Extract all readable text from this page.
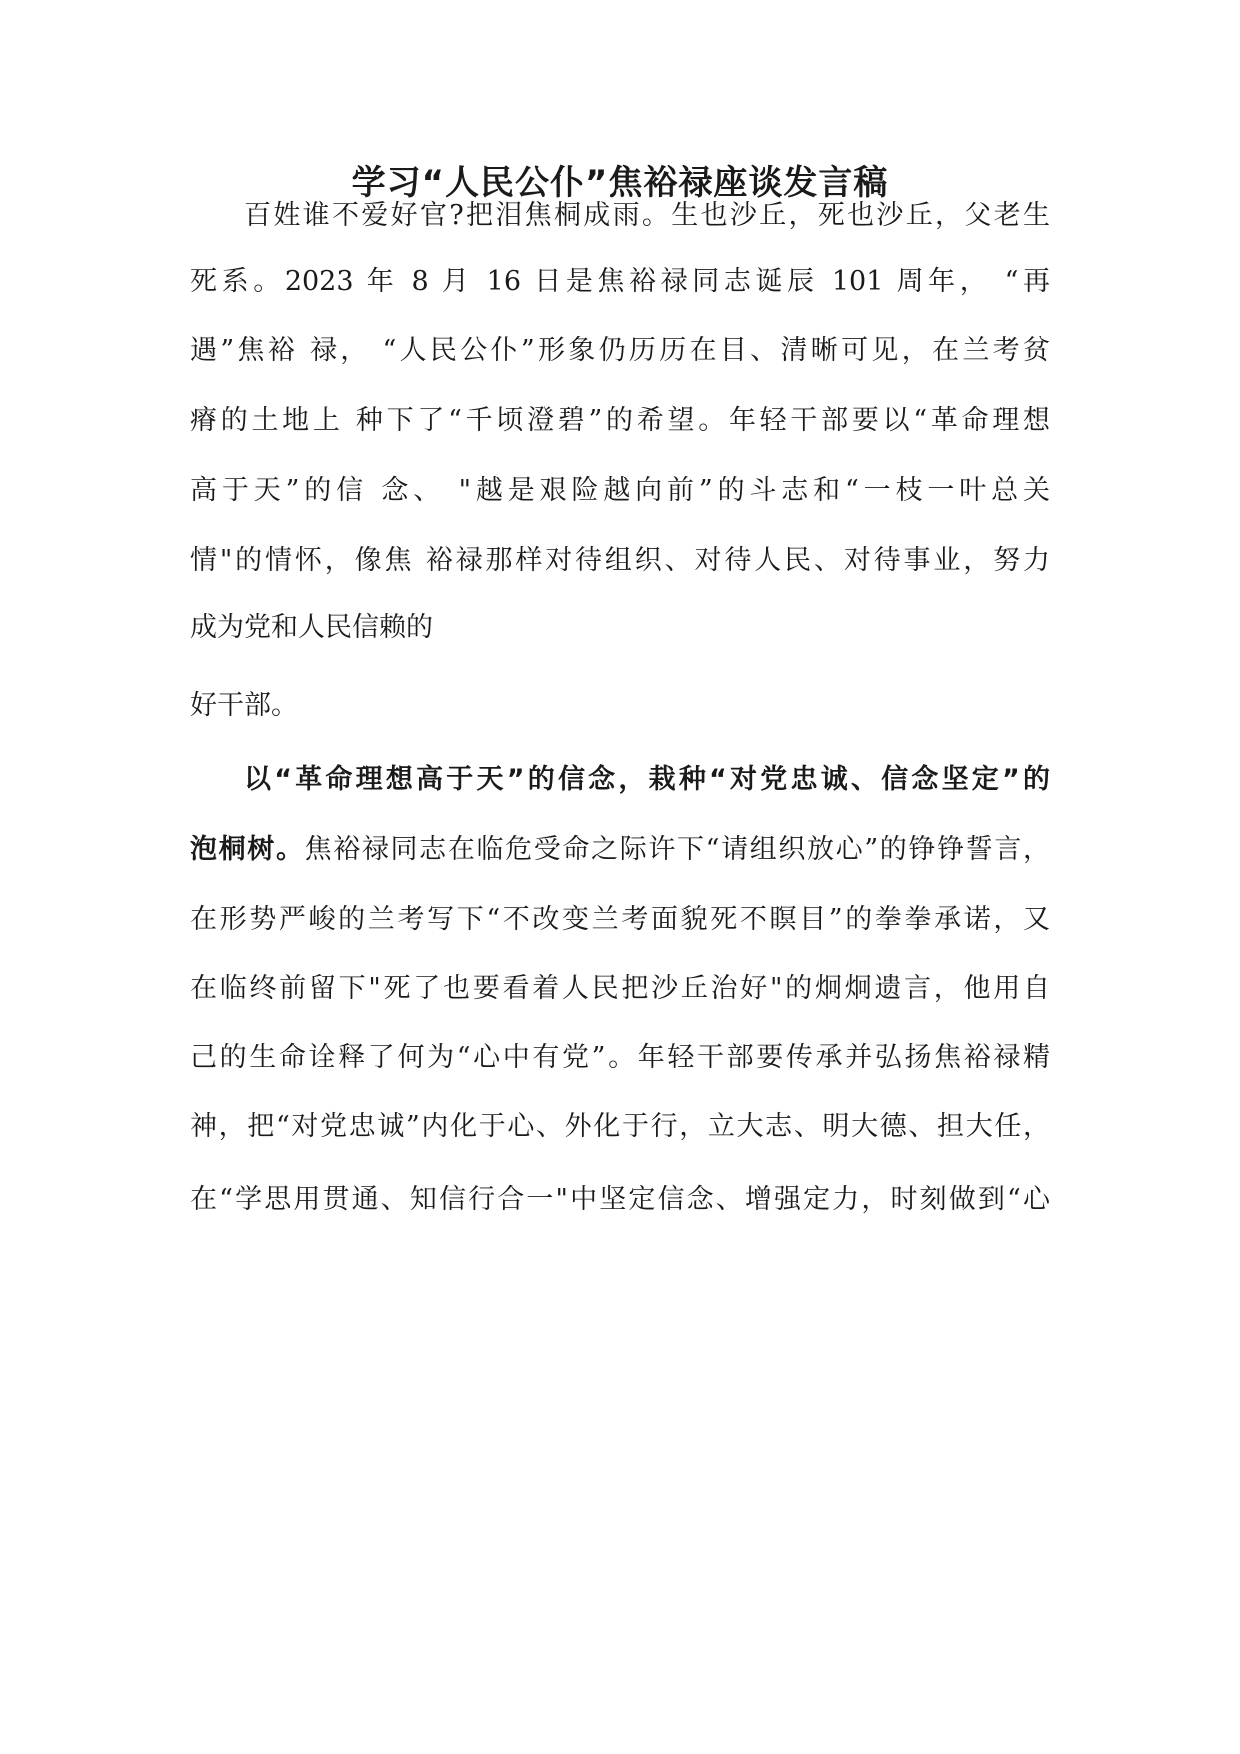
学习“人民公仆”焦裕禄座谈发言稿

百姓谁不爱好官?把泪焦桐成雨。生也沙丘，死也沙丘，父老生

死系。2023 年 8 月 16 日是焦裕禄同志诞辰 101 周年， “再

遇”焦裕 禄， “人民公仆”形象仍历历在目、清晰可见，在兰考贫

瘠的土地上 种下了“千顷澄碧”的希望。年轻干部要以“革命理想

高于天”的信 念、 "越是艰险越向前”的斗志和“一枝一叶总关

情"的情怀，像焦 裕禄那样对待组织、对待人民、对待事业，努力

成为党和人民信赖的

好干部。

以“革命理想高于天”的信念，栽种“对党忠诚、信念坚定”的

泡桐树。焦裕禄同志在临危受命之际许下“请组织放心”的铮铮誓言，

在形势严峻的兰考写下“不改变兰考面貌死不瞑目”的拳拳承诺，又

在临终前留下"死了也要看着人民把沙丘治好"的炯炯遗言，他用自

己的生命诠释了何为“心中有党”。年轻干部要传承并弘扬焦裕禄精

神，把“对党忠诚”内化于心、外化于行，立大志、明大德、担大任，

在“学思用贯通、知信行合一"中坚定信念、增强定力，时刻做到“心
